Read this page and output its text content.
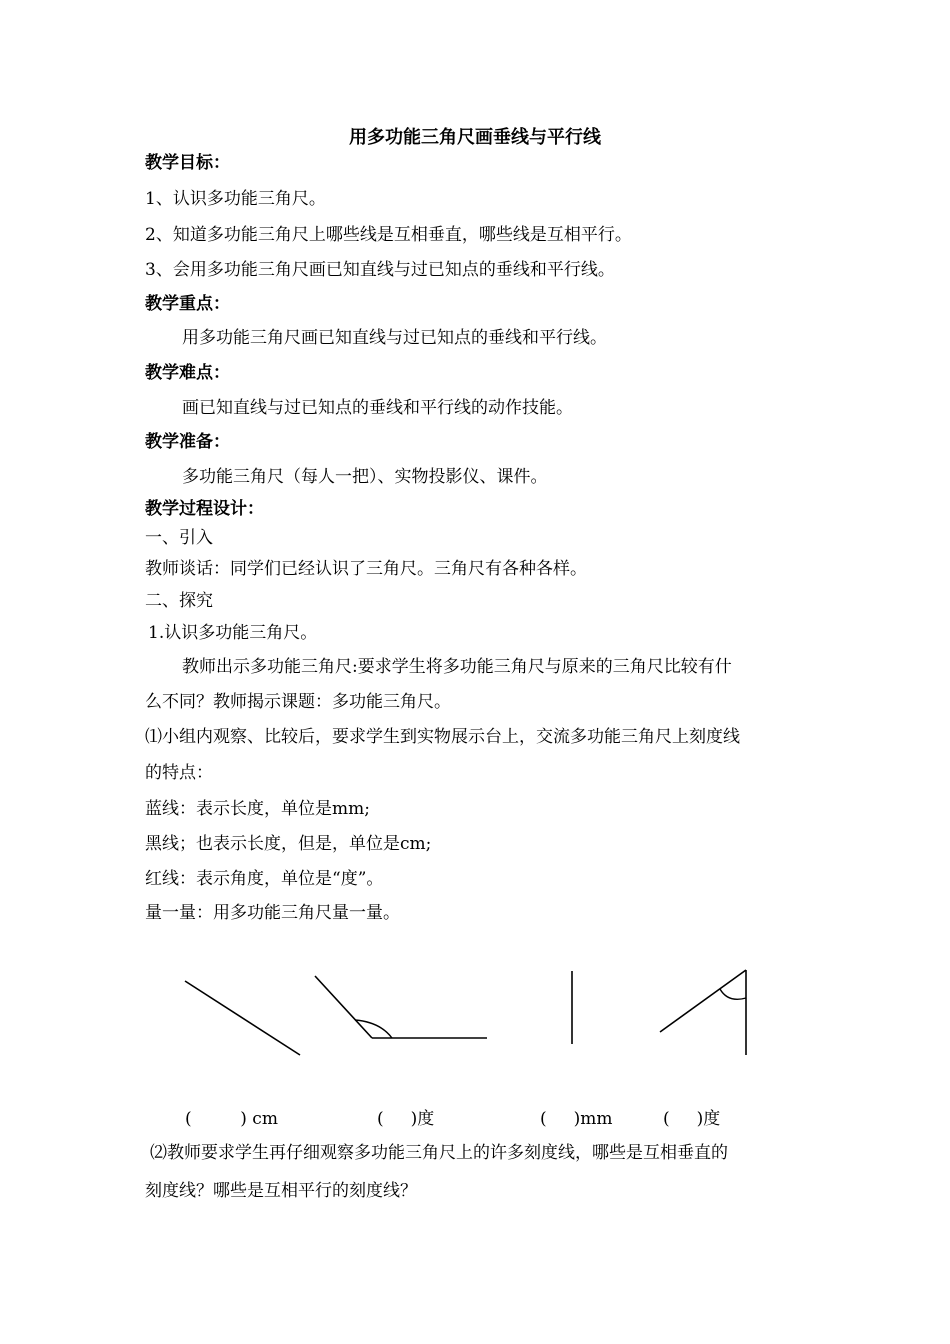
用多功能三角尺画垂线与平行线
教学目标：
1、认识多功能三角尺。
2、知道多功能三角尺上哪些线是互相垂直，哪些线是互相平行。
3、会用多功能三角尺画已知直线与过已知点的垂线和平行线。
教学重点：
用多功能三角尺画已知直线与过已知点的垂线和平行线。
教学难点：
画已知直线与过已知点的垂线和平行线的动作技能。
教学准备：
多功能三角尺（每人一把）、实物投影仪、课件。
教学过程设计：
一、引入
教师谈话：同学们已经认识了三角尺。三角尺有各种各样。
二、探究
1.认识多功能三角尺。
教师出示多功能三角尺:要求学生将多功能三角尺与原来的三角尺比较有什
么不同？教师揭示课题：多功能三角尺。
⑴小组内观察、比较后，要求学生到实物展示台上，交流多功能三角尺上刻度线
的特点：
蓝线：表示长度，单位是mm;
黑线；也表示长度，但是，单位是cm;
红线：表示角度，单位是“度”。
量一量：用多功能三角尺量一量。
(         ) cm	(     )度	(     )mm	(     )度
⑵教师要求学生再仔细观察多功能三角尺上的许多刻度线，哪些是互相垂直的
刻度线？哪些是互相平行的刻度线？
